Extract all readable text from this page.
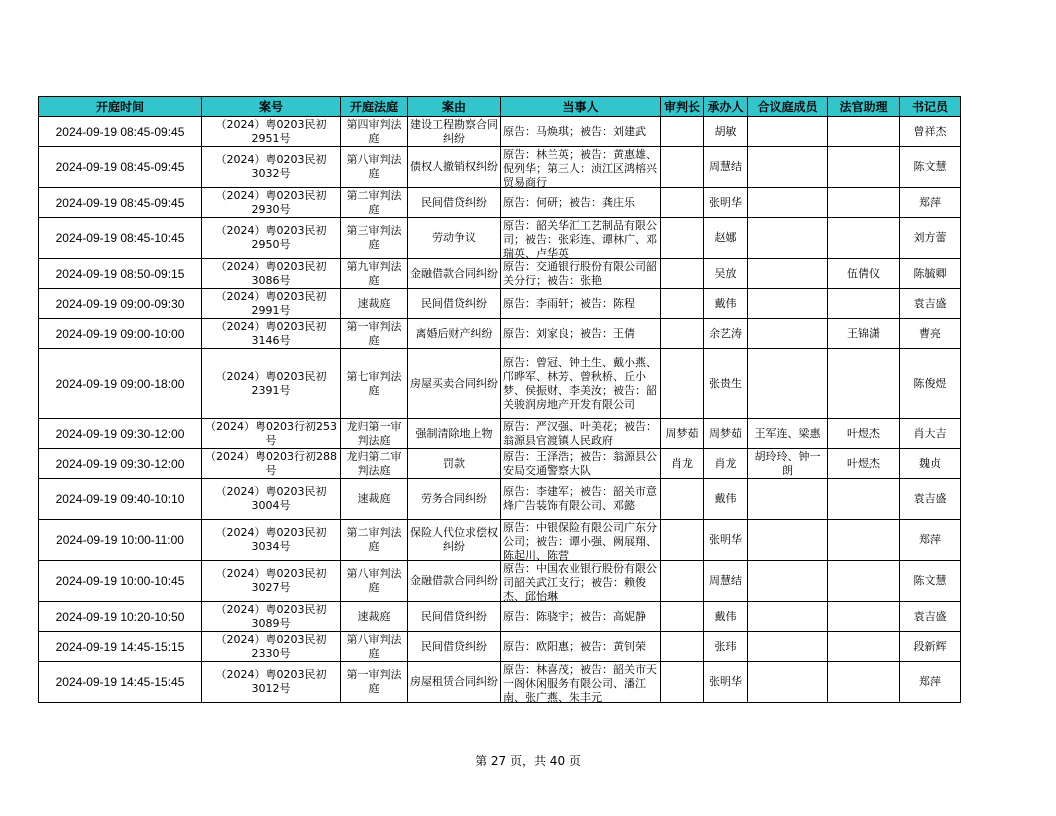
开庭时间	案号	开庭法庭	案由	当事人	审判长	承办人	合议庭成员	法官助理	书记员

2024-09-19 08:45-09:45	（2024）粤0203民初2951号	第四审判法庭	建设工程勘察合同纠纷	原告：马焕琪；被告：刘建武		胡敏			曾祥杰

2024-09-19 08:45-09:45	（2024）粤0203民初3032号	第八审判法庭	债权人撤销权纠纷	原告：林兰英；被告：黄惠雄、倪列华；第三人：浈江区鸿榕兴贸易商行		周慧结			陈文慧

2024-09-19 08:45-09:45	（2024）粤0203民初2930号	第二审判法庭	民间借贷纠纷	原告：何研；被告：龚庄乐		张明华			郑萍

2024-09-19 08:45-10:45	（2024）粤0203民初2950号	第三审判法庭	劳动争议	原告：韶关华汇工艺制品有限公司；被告：张彩连、谭林广、邓瑞英、卢华英		赵娜			刘方蕾

2024-09-19 08:50-09:15	（2024）粤0203民初3086号	第九审判法庭	金融借款合同纠纷	原告：交通银行股份有限公司韶关分行；被告：张艳		吴放		伍倩仪	陈毓卿

2024-09-19 09:00-09:30	（2024）粤0203民初2991号	速裁庭	民间借贷纠纷	原告：李雨轩；被告：陈程		戴伟			袁吉盛

2024-09-19 09:00-10:00	（2024）粤0203民初3146号	第一审判法庭	离婚后财产纠纷	原告：刘家良；被告：王倩		余艺涛		王锦潇	曹亮

2024-09-19 09:00-18:00	（2024）粤0203民初2391号	第七审判法庭	房屋买卖合同纠纷	原告：曾冠、钟土生、戴小燕、邝晔军、林芳、曾秋桥、丘小梦、侯振财、李美汝；被告：韶关骏润房地产开发有限公司		张贵生			陈俊煜

2024-09-19 09:30-12:00	（2024）粤0203行初253号	龙归第一审判法庭	强制清除地上物	原告：严汉强、叶美花；被告：翁源县官渡镇人民政府	周梦茹	周梦茹	王军连、梁惠	叶煜杰	肖大吉

2024-09-19 09:30-12:00	（2024）粤0203行初288号	龙归第二审判法庭	罚款	原告：王泽浩；被告：翁源县公安局交通警察大队	肖龙	肖龙	胡玲玲、钟一朗	叶煜杰	魏贞

2024-09-19 09:40-10:10	（2024）粤0203民初3004号	速裁庭	劳务合同纠纷	原告：李建军；被告：韶关市意烽广告装饰有限公司、邓懿		戴伟			袁吉盛

2024-09-19 10:00-11:00	（2024）粤0203民初3034号	第二审判法庭	保险人代位求偿权纠纷	原告：中银保险有限公司广东分公司；被告：谭小强、阙展翔、陈起川、陈营		张明华			郑萍

2024-09-19 10:00-10:45	（2024）粤0203民初3027号	第八审判法庭	金融借款合同纠纷	原告：中国农业银行股份有限公司韶关武江支行；被告：赖俊杰、邱怡琳		周慧结			陈文慧

2024-09-19 10:20-10:50	（2024）粤0203民初3089号	速裁庭	民间借贷纠纷	原告：陈骁宇；被告：高妮静		戴伟			袁吉盛

2024-09-19 14:45-15:15	（2024）粤0203民初2330号	第八审判法庭	民间借贷纠纷	原告：欧阳惠；被告：黄钊荣		张玮			段新辉

2024-09-19 14:45-15:45	（2024）粤0203民初3012号	第一审判法庭	房屋租赁合同纠纷	原告：林喜茂；被告：韶关市天一阁休闲服务有限公司、潘江南、张广燕、朱丰元		张明华			郑萍
第 27 页，共 40 页
